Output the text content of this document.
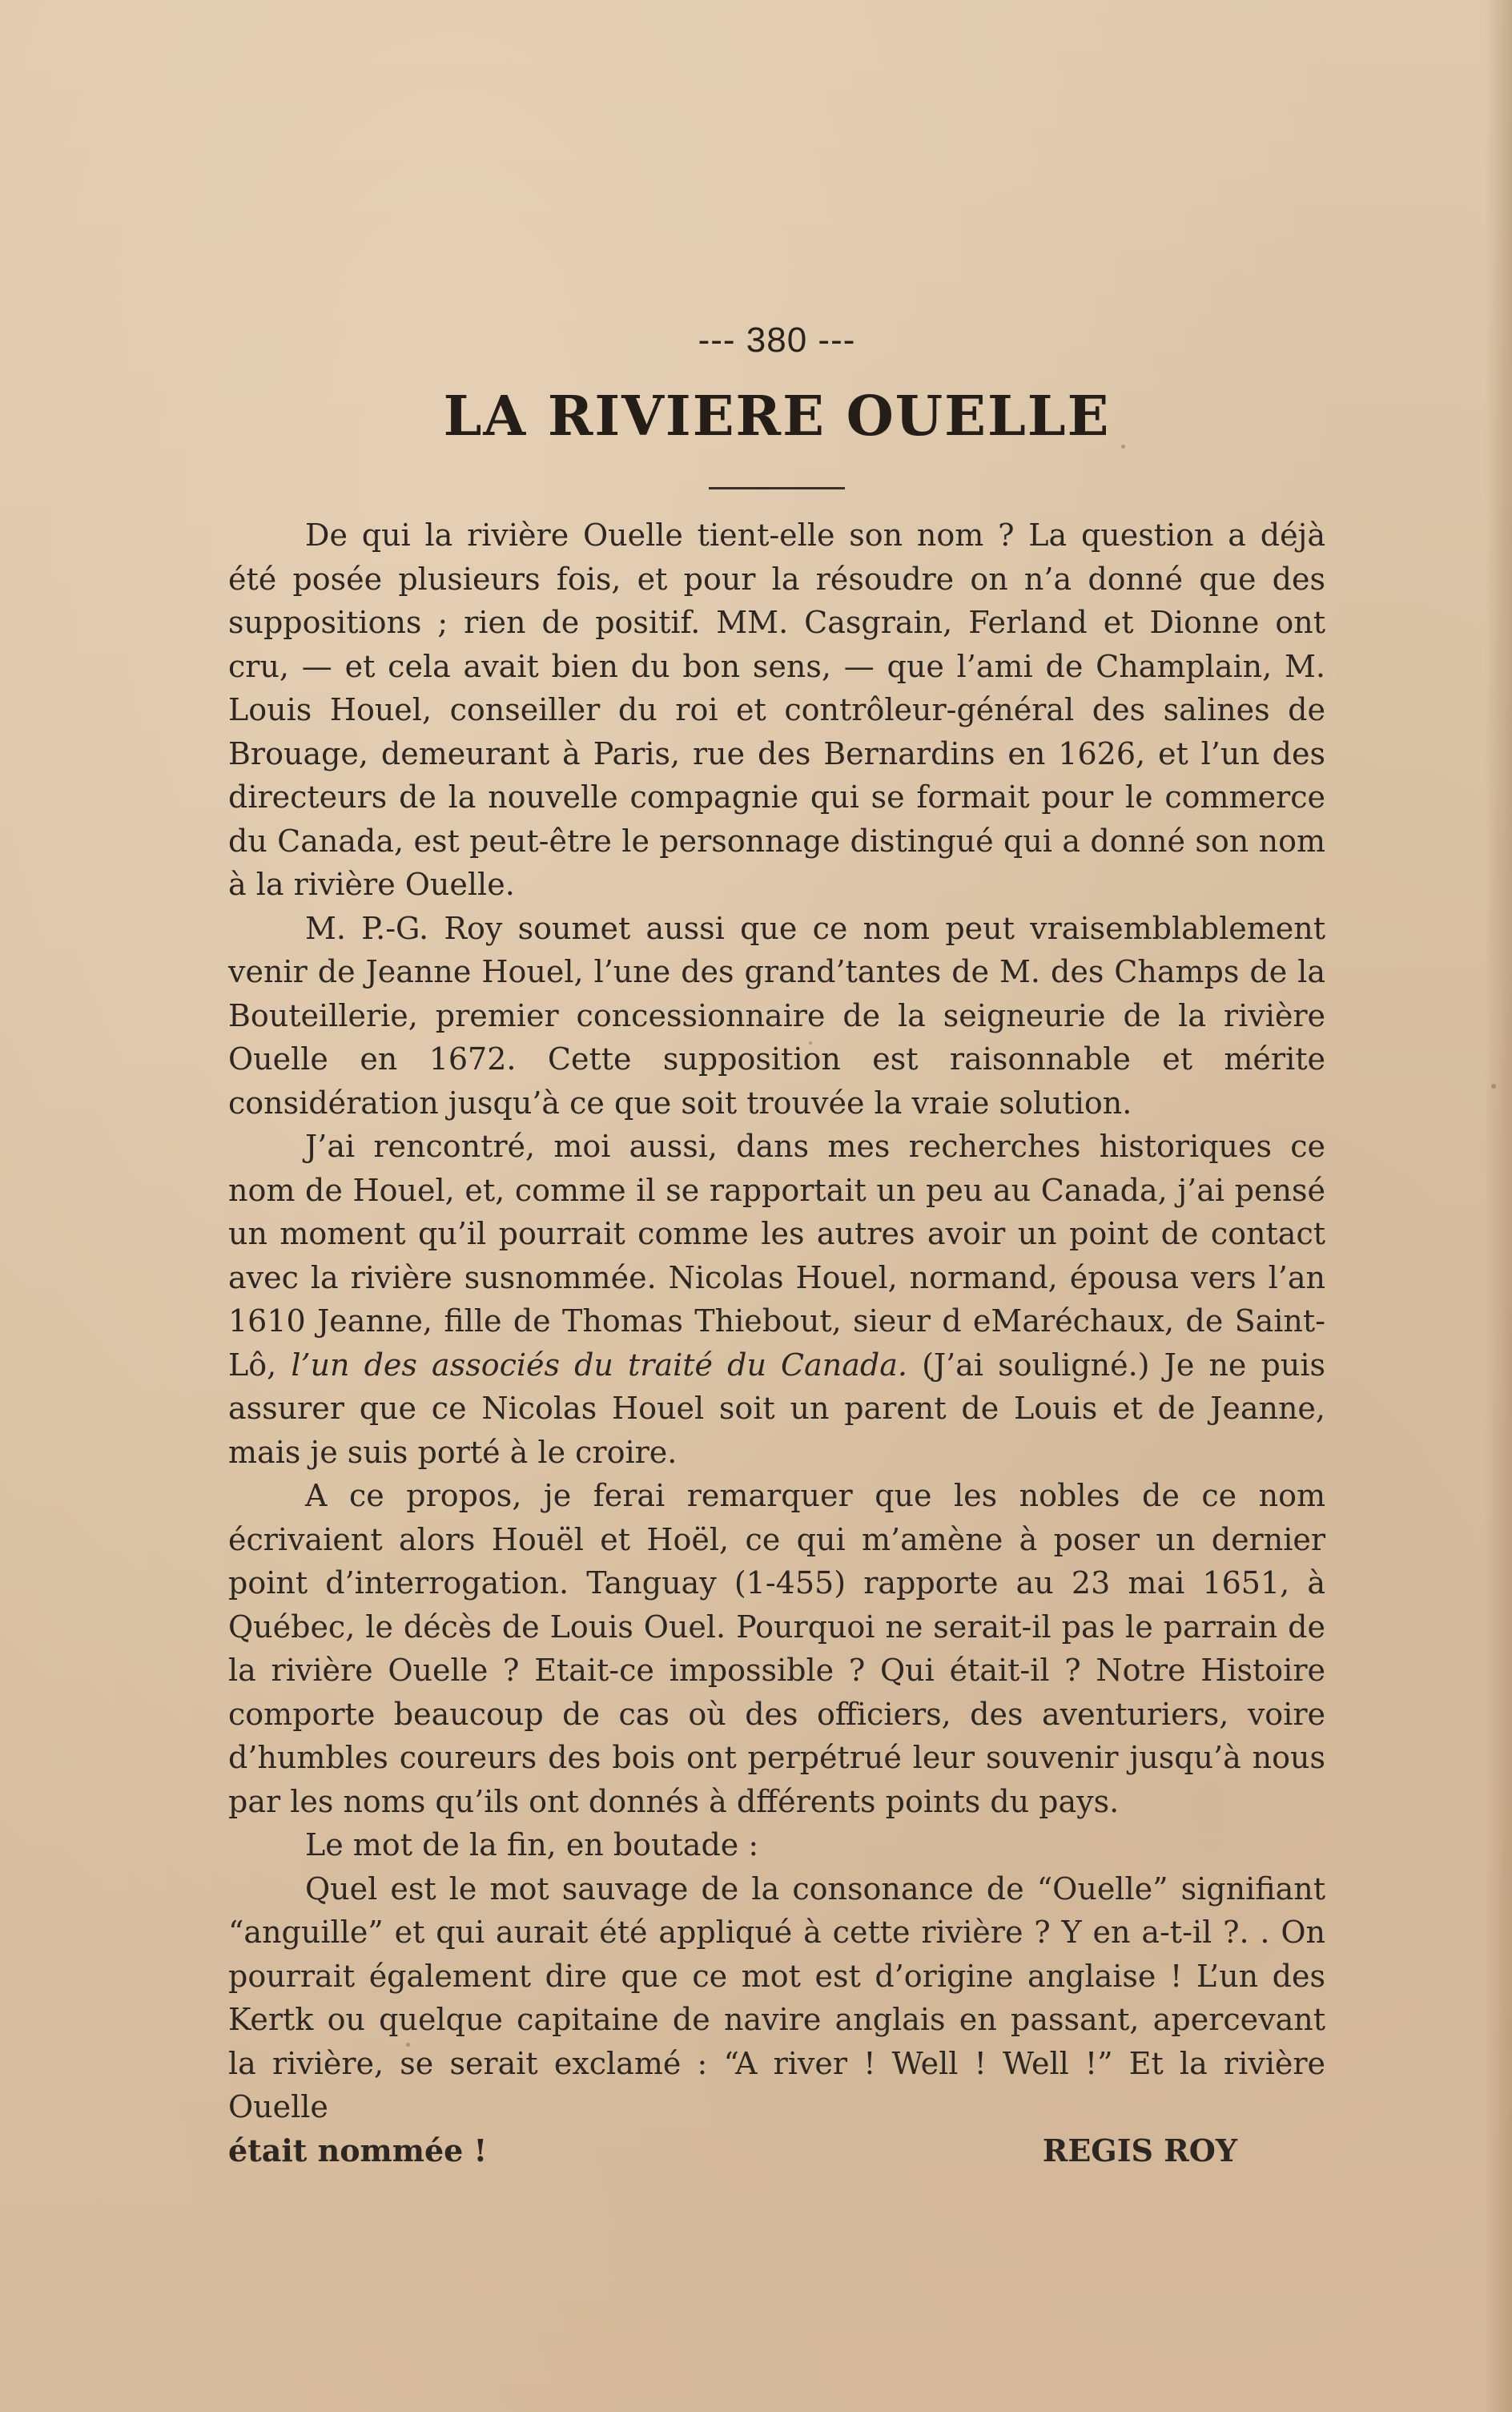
--- 380 ---
LA RIVIERE OUELLE

De qui la rivière Ouelle tient-elle son nom ? La question a déjà été posée plusieurs fois, et pour la résoudre on n’a donné que des suppositions ; rien de positif. MM. Casgrain, Ferland et Dionne ont cru, — et cela avait bien du bon sens, — que l’ami de Champlain, M. Louis Houel, conseiller du roi et contrôleur-général des salines de Brouage, demeurant à Paris, rue des Bernardins en 1626, et l’un des directeurs de la nouvelle compagnie qui se formait pour le commerce du Canada, est peut-être le personnage distingué qui a donné son nom à la rivière Ouelle.

M. P.-G. Roy soumet aussi que ce nom peut vraisemblablement venir de Jeanne Houel, l’une des grand’tantes de M. des Champs de la Bouteillerie, premier concessionnaire de la seigneurie de la rivière Ouelle en 1672. Cette supposition est raisonnable et mérite considération jusqu’à ce que soit trouvée la vraie solution.

J’ai rencontré, moi aussi, dans mes recherches historiques ce nom de Houel, et, comme il se rapportait un peu au Canada, j’ai pensé un moment qu’il pourrait comme les autres avoir un point de contact avec la rivière susnommée. Nicolas Houel, normand, épousa vers l’an 1610 Jeanne, fille de Thomas Thiebout, sieur d eMaréchaux, de Saint-Lô, l’un des associés du traité du Canada. (J’ai souligné.) Je ne puis assurer que ce Nicolas Houel soit un parent de Louis et de Jeanne, mais je suis porté à le croire.

A ce propos, je ferai remarquer que les nobles de ce nom écrivaient alors Houël et Hoël, ce qui m’amène à poser un dernier point d’interrogation. Tanguay (1-455) rapporte au 23 mai 1651, à Québec, le décès de Louis Ouel. Pourquoi ne serait-il pas le parrain de la rivière Ouelle ? Etait-ce impossible ? Qui était-il ? Notre Histoire comporte beaucoup de cas où des officiers, des aventuriers, voire d’humbles coureurs des bois ont perpétrué leur souvenir jusqu’à nous par les noms qu’ils ont donnés à dfférents points du pays.

Le mot de la fin, en boutade :

Quel est le mot sauvage de la consonance de “Ouelle” signifiant “anguille” et qui aurait été appliqué à cette rivière ? Y en a-t-il ?. . On pourrait également dire que ce mot est d’origine anglaise ! L’un des Kertk ou quelque capitaine de navire anglais en passant, apercevant la rivière, se serait exclamé : “A river ! Well ! Well !” Et la rivière Ouelle

était nommée !	REGIS ROY
